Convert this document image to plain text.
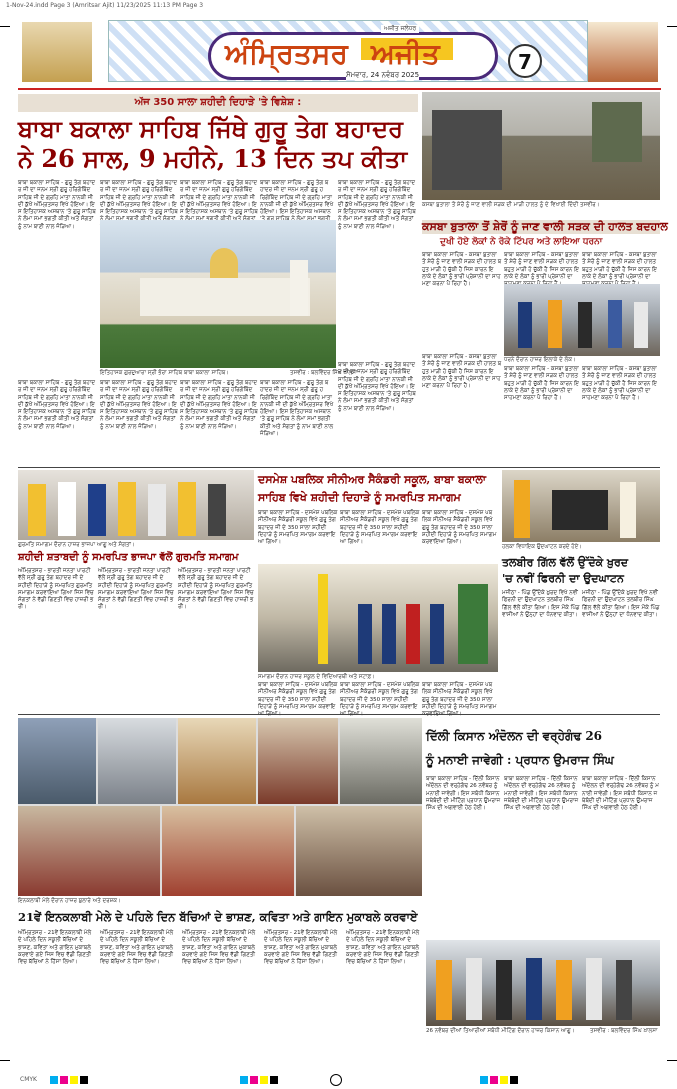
1-Nov-24.indd Page 3 (Amritsar Ajit) 11/23/2025 11:13 PM Page 3
ਅੰਮ੍ਰਿਤਸਰ ਅਜੀਤ
ਅਜੀਤ ਜਲੰਧਰ
ਸੋਮਵਾਰ, 24 ਨਵੰਬਰ 2025
7
ਅੱਜ 350 ਸਾਲਾ ਸ਼ਹੀਦੀ ਦਿਹਾੜੇ 'ਤੇ ਵਿਸ਼ੇਸ਼ :
ਬਾਬਾ ਬਕਾਲਾ ਸਾਹਿਬ ਜਿੱਥੇ ਗੁਰੂ ਤੇਗ ਬਹਾਦਰ
ਨੇ 26 ਸਾਲ, 9 ਮਹੀਨੇ, 13 ਦਿਨ ਤਪ ਕੀਤਾ
ਬਾਬਾ ਬਕਾਲਾ ਸਾਹਿਬ - ਗੁਰੂ ਤੇਗ ਬਹਾਦਰ ਜੀ ਦਾ ਜਨਮ ਸ੍ਰੀ ਗੁਰੂ ਹਰਿਗੋਬਿੰਦ ਸਾਹਿਬ ਜੀ ਦੇ ਗ੍ਰਹਿ ਮਾਤਾ ਨਾਨਕੀ ਜੀ ਦੀ ਕੁੱਖੋਂ ਅੰਮ੍ਰਿਤਸਰ ਵਿਖੇ ਹੋਇਆ। ਇਸ ਇਤਿਹਾਸਕ ਅਸਥਾਨ 'ਤੇ ਗੁਰੂ ਸਾਹਿਬ ਨੇ ਲੰਮਾ ਸਮਾਂ ਭਗਤੀ ਕੀਤੀ ਅਤੇ ਸੰਗਤਾਂ ਨੂੰ ਨਾਮ ਬਾਣੀ ਨਾਲ ਜੋੜਿਆ।
ਬਾਬਾ ਬਕਾਲਾ ਸਾਹਿਬ - ਗੁਰੂ ਤੇਗ ਬਹਾਦਰ ਜੀ ਦਾ ਜਨਮ ਸ੍ਰੀ ਗੁਰੂ ਹਰਿਗੋਬਿੰਦ ਸਾਹਿਬ ਜੀ ਦੇ ਗ੍ਰਹਿ ਮਾਤਾ ਨਾਨਕੀ ਜੀ ਦੀ ਕੁੱਖੋਂ ਅੰਮ੍ਰਿਤਸਰ ਵਿਖੇ ਹੋਇਆ। ਇਸ ਇਤਿਹਾਸਕ ਅਸਥਾਨ 'ਤੇ ਗੁਰੂ ਸਾਹਿਬ
ਬਾਬਾ ਬਕਾਲਾ ਸਾਹਿਬ - ਗੁਰੂ ਤੇਗ ਬਹਾਦਰ ਜੀ ਦਾ ਜਨਮ ਸ੍ਰੀ ਗੁਰੂ ਹਰਿਗੋਬਿੰਦ ਸਾਹਿਬ ਜੀ ਦੇ ਗ੍ਰਹਿ ਮਾਤਾ ਨਾਨਕੀ ਜੀ ਦੀ ਕੁੱਖੋਂ ਅੰਮ੍ਰਿਤਸਰ ਵਿਖੇ ਹੋਇਆ। ਇਸ ਇਤਿਹਾਸਕ ਅਸਥਾਨ 'ਤੇ ਗੁਰੂ ਸਾਹਿਬ
ਬਾਬਾ ਬਕਾਲਾ ਸਾਹਿਬ - ਗੁਰੂ ਤੇਗ ਬਹਾਦਰ ਜੀ ਦਾ ਜਨਮ ਸ੍ਰੀ ਗੁਰੂ ਹਰਿਗੋਬਿੰਦ ਸਾਹਿਬ ਜੀ ਦੇ ਗ੍ਰਹਿ ਮਾਤਾ ਨਾਨਕੀ ਜੀ ਦੀ ਕੁੱਖੋਂ ਅੰਮ੍ਰਿਤਸਰ ਵਿਖੇ ਹੋਇਆ। ਇਸ ਇਤਿਹਾਸਕ ਅਸਥਾਨ
ਬਾਬਾ ਬਕਾਲਾ ਸਾਹਿਬ - ਗੁਰੂ ਤੇਗ ਬਹਾਦਰ ਜੀ ਦਾ ਜਨਮ ਸ੍ਰੀ ਗੁਰੂ ਹਰਿਗੋਬਿੰਦ ਸਾਹਿਬ ਜੀ ਦੇ ਗ੍ਰਹਿ ਮਾਤਾ ਨਾਨਕੀ ਜੀ ਦੀ ਕੁੱਖੋਂ ਅੰਮ੍ਰਿਤਸਰ ਵਿਖੇ ਹੋਇਆ। ਇਸ ਇਤਿਹਾਸਕ ਅਸਥਾਨ 'ਤੇ ਗੁਰੂ ਸਾਹਿਬ ਨੇ ਲੰਮਾ ਸਮਾਂ ਭਗਤੀ ਕੀਤੀ ਅਤੇ ਸੰਗਤਾਂ ਨੂੰ ਨਾਮ ਬਾਣੀ ਨਾਲ ਜੋੜਿਆ।
ਇਤਿਹਾਸਕ ਗੁਰਦੁਆਰਾ ਸ੍ਰੀ ਭੋਰਾ ਸਾਹਿਬ ਬਾਬਾ ਬਕਾਲਾ ਸਾਹਿਬ।	ਤਸਵੀਰ : ਬਲਵਿੰਦਰ ਸਿੰਘ ਖ਼ਾਲਸਾ
ਬਾਬਾ ਬਕਾਲਾ ਸਾਹਿਬ - ਗੁਰੂ ਤੇਗ ਬਹਾਦਰ ਜੀ ਦਾ ਜਨਮ ਸ੍ਰੀ ਗੁਰੂ ਹਰਿਗੋਬਿੰਦ ਸਾਹਿਬ ਜੀ ਦੇ ਗ੍ਰਹਿ ਮਾਤਾ ਨਾਨਕੀ ਜੀ ਦੀ ਕੁੱਖੋਂ ਅੰਮ੍ਰਿਤਸਰ ਵਿਖੇ ਹੋਇਆ। ਇਸ ਇਤਿਹਾਸਕ ਅਸਥਾਨ 'ਤੇ ਗੁਰੂ ਸਾਹਿਬ ਨੇ ਲੰਮਾ ਸਮਾਂ ਭਗਤੀ ਕੀਤੀ ਅਤੇ ਸੰਗਤਾਂ ਨੂੰ ਨਾਮ ਬਾਣੀ ਨਾਲ ਜੋੜਿਆ।
ਬਾਬਾ ਬਕਾਲਾ ਸਾਹਿਬ - ਗੁਰੂ ਤੇਗ ਬਹਾਦਰ ਜੀ ਦਾ ਜਨਮ ਸ੍ਰੀ ਗੁਰੂ ਹਰਿਗੋਬਿੰਦ ਸਾਹਿਬ ਜੀ ਦੇ ਗ੍ਰਹਿ ਮਾਤਾ ਨਾਨਕੀ ਜੀ ਦੀ ਕੁੱਖੋਂ ਅੰਮ੍ਰਿਤਸਰ ਵਿਖੇ ਹੋਇਆ। ਇਸ ਇਤਿਹਾਸਕ ਅਸਥਾਨ 'ਤੇ ਗੁਰੂ ਸਾਹਿਬ ਨੇ ਲੰਮਾ ਸਮਾਂ ਭਗਤੀ ਕੀਤੀ ਅਤੇ ਸੰਗਤਾਂ ਨੂੰ ਨਾਮ ਬਾਣੀ ਨਾਲ ਜੋੜਿਆ।
ਬਾਬਾ ਬਕਾਲਾ ਸਾਹਿਬ - ਗੁਰੂ ਤੇਗ ਬਹਾਦਰ ਜੀ ਦਾ ਜਨਮ ਸ੍ਰੀ ਗੁਰੂ ਹਰਿਗੋਬਿੰਦ ਸਾਹਿਬ ਜੀ ਦੇ ਗ੍ਰਹਿ ਮਾਤਾ ਨਾਨਕੀ ਜੀ ਦੀ ਕੁੱਖੋਂ ਅੰਮ੍ਰਿਤਸਰ ਵਿਖੇ ਹੋਇਆ। ਇਸ ਇਤਿਹਾਸਕ ਅਸਥਾਨ 'ਤੇ ਗੁਰੂ ਸਾਹਿਬ ਨੇ ਲੰਮਾ ਸਮਾਂ ਭਗਤੀ ਕੀਤੀ ਅਤੇ ਸੰਗਤਾਂ ਨੂੰ ਨਾਮ ਬਾਣੀ ਨਾਲ ਜੋੜਿਆ।
ਬਾਬਾ ਬਕਾਲਾ ਸਾਹਿਬ - ਗੁਰੂ ਤੇਗ ਬਹਾਦਰ ਜੀ ਦਾ ਜਨਮ ਸ੍ਰੀ ਗੁਰੂ ਹਰਿਗੋਬਿੰਦ ਸਾਹਿਬ ਜੀ ਦੇ ਗ੍ਰਹਿ ਮਾਤਾ ਨਾਨਕੀ ਜੀ ਦੀ ਕੁੱਖੋਂ ਅੰਮ੍ਰਿਤਸਰ ਵਿਖੇ ਹੋਇਆ। ਇਸ ਇਤਿਹਾਸਕ ਅਸਥਾਨ 'ਤੇ ਗੁਰੂ ਸਾਹਿਬ ਨੇ ਲੰਮਾ ਸਮਾਂ ਭਗਤੀ ਕੀਤੀ ਅਤੇ ਸੰਗਤਾਂ ਨੂੰ ਨਾਮ ਬਾਣੀ ਨਾਲ ਜੋੜਿਆ।
ਬਾਬਾ ਬਕਾਲਾ ਸਾਹਿਬ - ਗੁਰੂ ਤੇਗ ਬਹਾਦਰ ਜੀ ਦਾ ਜਨਮ ਸ੍ਰੀ ਗੁਰੂ ਹਰਿਗੋਬਿੰਦ ਸਾਹਿਬ ਜੀ ਦੇ ਗ੍ਰਹਿ ਮਾਤਾ ਨਾਨਕੀ ਜੀ ਦੀ ਕੁੱਖੋਂ ਅੰਮ੍ਰਿਤਸਰ ਵਿਖੇ ਹੋਇਆ। ਇਸ ਇਤਿਹਾਸਕ ਅਸਥਾਨ 'ਤੇ ਗੁਰੂ ਸਾਹਿਬ ਨੇ ਲੰਮਾ ਸਮਾਂ ਭਗਤੀ ਕੀਤੀ ਅਤੇ ਸੰਗਤਾਂ ਨੂੰ ਨਾਮ ਬਾਣੀ ਨਾਲ ਜੋੜਿਆ।
ਕਸਬਾ ਬੁਤਾਲਾ ਤੋਂ ਸ਼ੇਰੋਂ ਨੂੰ ਜਾਣ ਵਾਲੀ ਸੜਕ ਦੀ ਮਾੜੀ ਹਾਲਤ ਨੂੰ ਦੇ ਵਿਖਾਈ ਦਿੰਦੀ ਤਸਵੀਰ।
ਕਸਬਾ ਬੁਤਾਲਾ ਤੋਂ ਸ਼ੇਰੋਂ ਨੂੰ ਜਾਣ ਵਾਲੀ ਸੜਕ ਦੀ ਹਾਲਤ ਬਦਹਾਲ
ਦੁਖੀ ਹੋਏ ਲੋਕਾਂ ਨੇ ਰੋਕੇ ਟਿੱਪਰ ਅਤੇ ਲਾਇਆ ਧਰਨਾ
ਬਾਬਾ ਬਕਾਲਾ ਸਾਹਿਬ - ਕਸਬਾ ਬੁਤਾਲਾ ਤੋਂ ਸ਼ੇਰੋਂ ਨੂੰ ਜਾਣ ਵਾਲੀ ਸੜਕ ਦੀ ਹਾਲਤ ਬਹੁਤ ਮਾੜੀ ਹੋ ਚੁੱਕੀ ਹੈ ਜਿਸ ਕਾਰਨ ਇਲਾਕੇ ਦੇ ਲੋਕਾਂ ਨੂੰ ਭਾਰੀ ਪ੍ਰੇਸ਼ਾਨੀ ਦਾ ਸਾਹਮਣਾ ਕਰਨਾ ਪੈ ਰਿਹਾ ਹੈ।
ਬਾਬਾ ਬਕਾਲਾ ਸਾਹਿਬ - ਕਸਬਾ ਬੁਤਾਲਾ ਤੋਂ ਸ਼ੇਰੋਂ ਨੂੰ ਜਾਣ ਵਾਲੀ ਸੜਕ ਦੀ ਹਾਲਤ ਬਹੁਤ ਮਾੜੀ ਹੋ ਚੁੱਕੀ ਹੈ ਜਿਸ ਕਾਰਨ ਇਲਾਕੇ ਦੇ ਲੋਕਾਂ ਨੂੰ ਭਾਰੀ ਪ੍ਰੇਸ਼ਾਨੀ ਦਾ
ਬਾਬਾ ਬਕਾਲਾ ਸਾਹਿਬ - ਕਸਬਾ ਬੁਤਾਲਾ ਤੋਂ ਸ਼ੇਰੋਂ ਨੂੰ ਜਾਣ ਵਾਲੀ ਸੜਕ ਦੀ ਹਾਲਤ ਬਹੁਤ ਮਾੜੀ ਹੋ ਚੁੱਕੀ ਹੈ ਜਿਸ ਕਾਰਨ ਇਲਾਕੇ ਦੇ ਲੋਕਾਂ ਨੂੰ ਭਾਰੀ ਪ੍ਰੇਸ਼ਾਨੀ ਦਾ
ਧਰਨੇ ਦੌਰਾਨ ਹਾਜ਼ਰ ਇਲਾਕੇ ਦੇ ਲੋਕ।
ਬਾਬਾ ਬਕਾਲਾ ਸਾਹਿਬ - ਕਸਬਾ ਬੁਤਾਲਾ ਤੋਂ ਸ਼ੇਰੋਂ ਨੂੰ ਜਾਣ ਵਾਲੀ ਸੜਕ ਦੀ ਹਾਲਤ ਬਹੁਤ ਮਾੜੀ ਹੋ ਚੁੱਕੀ ਹੈ ਜਿਸ ਕਾਰਨ ਇਲਾਕੇ ਦੇ ਲੋਕਾਂ ਨੂੰ ਭਾਰੀ ਪ੍ਰੇਸ਼ਾਨੀ ਦਾ ਸਾਹਮਣਾ ਕਰਨਾ ਪੈ ਰਿਹਾ ਹੈ।
ਬਾਬਾ ਬਕਾਲਾ ਸਾਹਿਬ - ਕਸਬਾ ਬੁਤਾਲਾ ਤੋਂ ਸ਼ੇਰੋਂ ਨੂੰ ਜਾਣ ਵਾਲੀ ਸੜਕ ਦੀ ਹਾਲਤ ਬਹੁਤ ਮਾੜੀ ਹੋ ਚੁੱਕੀ ਹੈ ਜਿਸ ਕਾਰਨ ਇਲਾਕੇ ਦੇ ਲੋਕਾਂ ਨੂੰ ਭਾਰੀ ਪ੍ਰੇਸ਼ਾਨੀ ਦਾ ਸਾਹਮਣਾ ਕਰਨਾ ਪੈ ਰਿਹਾ ਹੈ।
ਬਾਬਾ ਬਕਾਲਾ ਸਾਹਿਬ - ਕਸਬਾ ਬੁਤਾਲਾ ਤੋਂ ਸ਼ੇਰੋਂ ਨੂੰ ਜਾਣ ਵਾਲੀ ਸੜਕ ਦੀ ਹਾਲਤ ਬਹੁਤ ਮਾੜੀ ਹੋ ਚੁੱਕੀ ਹੈ ਜਿਸ ਕਾਰਨ ਇਲਾਕੇ ਦੇ ਲੋਕਾਂ ਨੂੰ ਭਾਰੀ ਪ੍ਰੇਸ਼ਾਨੀ ਦਾ ਸਾਹਮਣਾ ਕਰਨਾ ਪੈ ਰਿਹਾ ਹੈ।
ਦਸਮੇਸ਼ ਪਬਲਿਕ ਸੀਨੀਅਰ ਸੈਕੰਡਰੀ ਸਕੂਲ, ਬਾਬਾ ਬਕਾਲਾ
ਸਾਹਿਬ ਵਿਖੇ ਸ਼ਹੀਦੀ ਦਿਹਾੜੇ ਨੂੰ ਸਮਰਪਿਤ ਸਮਾਗਮ
ਗੁਰਮਤਿ ਸਮਾਗਮ ਦੌਰਾਨ ਹਾਜ਼ਰ ਭਾਜਪਾ ਆਗੂ ਅਤੇ ਸੰਗਤਾਂ।	ਹਲਕਾ ਵਿਧਾਇਕ ਉਦਘਾਟਨ ਕਰਦੇ ਹੋਏ।
ਬਾਬਾ ਬਕਾਲਾ ਸਾਹਿਬ - ਦਸਮੇਸ਼ ਪਬਲਿਕ ਸੀਨੀਅਰ ਸੈਕੰਡਰੀ ਸਕੂਲ ਵਿਖੇ ਗੁਰੂ ਤੇਗ ਬਹਾਦਰ ਜੀ ਦੇ 350 ਸਾਲਾ ਸ਼ਹੀਦੀ ਦਿਹਾੜੇ ਨੂੰ ਸਮਰਪਿਤ ਸਮਾਗਮ ਕਰਵਾਇਆ ਗਿਆ।
ਬਾਬਾ ਬਕਾਲਾ ਸਾਹਿਬ - ਦਸਮੇਸ਼ ਪਬਲਿਕ ਸੀਨੀਅਰ ਸੈਕੰਡਰੀ ਸਕੂਲ ਵਿਖੇ ਗੁਰੂ ਤੇਗ ਬਹਾਦਰ ਜੀ ਦੇ 350 ਸਾਲਾ ਸ਼ਹੀਦੀ ਦਿਹਾੜੇ ਨੂੰ ਸਮਰਪਿਤ ਸਮਾਗਮ ਕਰਵਾਇਆ ਗਿਆ।
ਬਾਬਾ ਬਕਾਲਾ ਸਾਹਿਬ - ਦਸਮੇਸ਼ ਪਬਲਿਕ ਸੀਨੀਅਰ ਸੈਕੰਡਰੀ ਸਕੂਲ ਵਿਖੇ ਗੁਰੂ ਤੇਗ ਬਹਾਦਰ ਜੀ ਦੇ 350 ਸਾਲਾ ਸ਼ਹੀਦੀ ਦਿਹਾੜੇ ਨੂੰ ਸਮਰਪਿਤ ਸਮਾਗਮ ਕਰਵਾਇਆ ਗਿਆ।
ਸ਼ਹੀਦੀ ਸ਼ਤਾਬਦੀ ਨੂੰ ਸਮਰਪਿਤ ਭਾਜਪਾ ਵੱਲੋਂ ਗੁਰਮਤਿ ਸਮਾਗਮ
ਅੰਮ੍ਰਿਤਸਰ - ਭਾਰਤੀ ਜਨਤਾ ਪਾਰਟੀ ਵੱਲੋਂ ਸ੍ਰੀ ਗੁਰੂ ਤੇਗ ਬਹਾਦਰ ਜੀ ਦੇ ਸ਼ਹੀਦੀ ਦਿਹਾੜੇ ਨੂੰ ਸਮਰਪਿਤ ਗੁਰਮਤਿ ਸਮਾਗਮ ਕਰਵਾਇਆ ਗਿਆ ਜਿਸ ਵਿਚ ਸੰਗਤਾਂ ਨੇ ਵੱਡੀ ਗਿਣਤੀ ਵਿਚ ਹਾਜ਼ਰੀ ਭਰੀ।
ਅੰਮ੍ਰਿਤਸਰ - ਭਾਰਤੀ ਜਨਤਾ ਪਾਰਟੀ ਵੱਲੋਂ ਸ੍ਰੀ ਗੁਰੂ ਤੇਗ ਬਹਾਦਰ ਜੀ ਦੇ ਸ਼ਹੀਦੀ ਦਿਹਾੜੇ ਨੂੰ ਸਮਰਪਿਤ ਗੁਰਮਤਿ ਸਮਾਗਮ ਕਰਵਾਇਆ ਗਿਆ ਜਿਸ ਵਿਚ ਸੰਗਤਾਂ ਨੇ ਵੱਡੀ ਗਿਣਤੀ ਵਿਚ ਹਾਜ਼ਰੀ ਭਰੀ।
ਅੰਮ੍ਰਿਤਸਰ - ਭਾਰਤੀ ਜਨਤਾ ਪਾਰਟੀ ਵੱਲੋਂ ਸ੍ਰੀ ਗੁਰੂ ਤੇਗ ਬਹਾਦਰ ਜੀ ਦੇ ਸ਼ਹੀਦੀ ਦਿਹਾੜੇ ਨੂੰ ਸਮਰਪਿਤ ਗੁਰਮਤਿ ਸਮਾਗਮ ਕਰਵਾਇਆ ਗਿਆ ਜਿਸ ਵਿਚ ਸੰਗਤਾਂ ਨੇ ਵੱਡੀ ਗਿਣਤੀ ਵਿਚ ਹਾਜ਼ਰੀ ਭਰੀ।
ਸਮਾਗਮ ਦੌਰਾਨ ਹਾਜ਼ਰ ਸਕੂਲ ਦੇ ਵਿਦਿਆਰਥੀ ਅਤੇ ਸਟਾਫ਼।
ਤਲਬੀਰ ਗਿੱਲ ਵੱਲੋਂ ਉੱਦੋਕੇ ਖ਼ੁਰਦ
'ਚ ਨਵੀਂ ਫਿਰਨੀ ਦਾ ਉਦਘਾਟਨ
ਮਜੀਠਾ - ਪਿੰਡ ਉੱਦੋਕੇ ਖ਼ੁਰਦ ਵਿਖੇ ਨਵੀਂ ਫਿਰਨੀ ਦਾ ਉਦਘਾਟਨ ਤਲਬੀਰ ਸਿੰਘ ਗਿੱਲ ਵੱਲੋਂ ਕੀਤਾ ਗਿਆ। ਇਸ ਮੌਕੇ ਪਿੰਡ ਵਾਸੀਆਂ ਨੇ ਉਨ੍ਹਾਂ ਦਾ ਧੰਨਵਾਦ ਕੀਤਾ।
ਮਜੀਠਾ - ਪਿੰਡ ਉੱਦੋਕੇ ਖ਼ੁਰਦ ਵਿਖੇ ਨਵੀਂ ਫਿਰਨੀ ਦਾ ਉਦਘਾਟਨ ਤਲਬੀਰ ਸਿੰਘ ਗਿੱਲ ਵੱਲੋਂ ਕੀਤਾ ਗਿਆ। ਇਸ ਮੌਕੇ ਪਿੰਡ ਵਾਸੀਆਂ ਨੇ ਉਨ੍ਹਾਂ ਦਾ ਧੰਨਵਾਦ ਕੀਤਾ।
ਬਾਬਾ ਬਕਾਲਾ ਸਾਹਿਬ - ਦਸਮੇਸ਼ ਪਬਲਿਕ ਸੀਨੀਅਰ ਸੈਕੰਡਰੀ ਸਕੂਲ ਵਿਖੇ ਗੁਰੂ ਤੇਗ ਬਹਾਦਰ ਜੀ ਦੇ 350 ਸਾਲਾ ਸ਼ਹੀਦੀ ਦਿਹਾੜੇ ਨੂੰ ਸਮਰਪਿਤ ਸਮਾਗਮ ਕਰਵਾਇ
ਬਾਬਾ ਬਕਾਲਾ ਸਾਹਿਬ - ਦਸਮੇਸ਼ ਪਬਲਿਕ ਸੀਨੀਅਰ ਸੈਕੰਡਰੀ ਸਕੂਲ ਵਿਖੇ ਗੁਰੂ ਤੇਗ ਬਹਾਦਰ ਜੀ ਦੇ 350 ਸਾਲਾ ਸ਼ਹੀਦੀ ਦਿਹਾੜੇ ਨੂੰ ਸਮਰਪਿਤ ਸਮਾਗਮ ਕਰਵਾਇ
ਬਾਬਾ ਬਕਾਲਾ ਸਾਹਿਬ - ਦਸਮੇਸ਼ ਪਬਲਿਕ ਸੀਨੀਅਰ ਸੈਕੰਡਰੀ ਸਕੂਲ ਵਿਖੇ ਗੁਰੂ ਤੇਗ ਬਹਾਦਰ ਜੀ ਦੇ 350 ਸਾਲਾ ਸ਼ਹੀਦੀ ਦਿਹਾੜੇ ਨੂੰ ਸਮਰਪਿਤ ਸਮਾਗਮ
ਇਨਕਲਾਬੀ ਮੇਲੇ ਦੌਰਾਨ ਹਾਜ਼ਰ ਬੁਲਾਰੇ ਅਤੇ ਦਰਸ਼ਕ।
21ਵੇਂ ਇਨਕਲਾਬੀ ਮੇਲੇ ਦੇ ਪਹਿਲੇ ਦਿਨ ਬੱਚਿਆਂ ਦੇ ਭਾਸ਼ਣ, ਕਵਿਤਾ ਅਤੇ ਗਾਇਨ ਮੁਕਾਬਲੇ ਕਰਵਾਏ
ਅੰਮ੍ਰਿਤਸਰ - 21ਵੇਂ ਇਨਕਲਾਬੀ ਮੇਲੇ ਦੇ ਪਹਿਲੇ ਦਿਨ ਸਕੂਲੀ ਬੱਚਿਆਂ ਦੇ ਭਾਸ਼ਣ, ਕਵਿਤਾ ਅਤੇ ਗਾਇਨ ਮੁਕਾਬਲੇ ਕਰਵਾਏ ਗਏ ਜਿਸ ਵਿਚ ਵੱਡੀ ਗਿਣਤੀ ਵਿਚ ਬੱਚਿਆਂ ਨੇ ਹਿੱਸਾ ਲਿਆ।
ਅੰਮ੍ਰਿਤਸਰ - 21ਵੇਂ ਇਨਕਲਾਬੀ ਮੇਲੇ ਦੇ ਪਹਿਲੇ ਦਿਨ ਸਕੂਲੀ ਬੱਚਿਆਂ ਦੇ ਭਾਸ਼ਣ, ਕਵਿਤਾ ਅਤੇ ਗਾਇਨ ਮੁਕਾਬਲੇ ਕਰਵਾਏ ਗਏ ਜਿਸ ਵਿਚ ਵੱਡੀ ਗਿਣਤੀ ਵਿਚ ਬੱਚਿਆਂ ਨੇ ਹਿੱਸਾ ਲਿਆ।
ਅੰਮ੍ਰਿਤਸਰ - 21ਵੇਂ ਇਨਕਲਾਬੀ ਮੇਲੇ ਦੇ ਪਹਿਲੇ ਦਿਨ ਸਕੂਲੀ ਬੱਚਿਆਂ ਦੇ ਭਾਸ਼ਣ, ਕਵਿਤਾ ਅਤੇ ਗਾਇਨ ਮੁਕਾਬਲੇ ਕਰਵਾਏ ਗਏ ਜਿਸ ਵਿਚ ਵੱਡੀ ਗਿਣਤੀ ਵਿਚ ਬੱਚਿਆਂ ਨੇ ਹਿੱਸਾ ਲਿਆ।
ਅੰਮ੍ਰਿਤਸਰ - 21ਵੇਂ ਇਨਕਲਾਬੀ ਮੇਲੇ ਦੇ ਪਹਿਲੇ ਦਿਨ ਸਕੂਲੀ ਬੱਚਿਆਂ ਦੇ ਭਾਸ਼ਣ, ਕਵਿਤਾ ਅਤੇ ਗਾਇਨ ਮੁਕਾਬਲੇ ਕਰਵਾਏ ਗਏ ਜਿਸ ਵਿਚ ਵੱਡੀ ਗਿਣਤੀ ਵਿਚ ਬੱਚਿਆਂ ਨੇ ਹਿੱਸਾ ਲਿਆ।
ਅੰਮ੍ਰਿਤਸਰ - 21ਵੇਂ ਇਨਕਲਾਬੀ ਮੇਲੇ ਦੇ ਪਹਿਲੇ ਦਿਨ ਸਕੂਲੀ ਬੱਚਿਆਂ ਦੇ ਭਾਸ਼ਣ, ਕਵਿਤਾ ਅਤੇ ਗਾਇਨ ਮੁਕਾਬਲੇ ਕਰਵਾਏ ਗਏ ਜਿਸ ਵਿਚ ਵੱਡੀ ਗਿਣਤੀ ਵਿਚ ਬੱਚਿਆਂ ਨੇ ਹਿੱਸਾ ਲਿਆ।
ਦਿੱਲੀ ਕਿਸਾਨ ਅੰਦੋਲਨ ਦੀ ਵਰ੍ਹੇਗੰਢ 26
ਨੂੰ ਮਨਾਈ ਜਾਵੇਗੀ : ਪ੍ਰਧਾਨ ਉਮਰਾਜ ਸਿੰਘ
ਬਾਬਾ ਬਕਾਲਾ ਸਾਹਿਬ - ਦਿੱਲੀ ਕਿਸਾਨ ਅੰਦੋਲਨ ਦੀ ਵਰ੍ਹੇਗੰਢ 26 ਨਵੰਬਰ ਨੂੰ ਮਨਾਈ ਜਾਵੇਗੀ। ਇਸ ਸਬੰਧੀ ਕਿਸਾਨ ਜਥੇਬੰਦੀ ਦੀ ਮੀਟਿੰਗ ਪ੍ਰਧਾਨ ਉਮਰਾਜ ਸਿੰਘ ਦੀ ਅਗਵਾਈ ਹੇਠ ਹੋਈ।
ਬਾਬਾ ਬਕਾਲਾ ਸਾਹਿਬ - ਦਿੱਲੀ ਕਿਸਾਨ ਅੰਦੋਲਨ ਦੀ ਵਰ੍ਹੇਗੰਢ 26 ਨਵੰਬਰ ਨੂੰ ਮਨਾਈ ਜਾਵੇਗੀ। ਇਸ ਸਬੰਧੀ ਕਿਸਾਨ ਜਥੇਬੰਦੀ ਦੀ ਮੀਟਿੰਗ ਪ੍ਰਧਾਨ ਉਮਰਾਜ ਸਿੰਘ ਦੀ ਅਗਵਾਈ ਹੇਠ ਹੋਈ।
ਬਾਬਾ ਬਕਾਲਾ ਸਾਹਿਬ - ਦਿੱਲੀ ਕਿਸਾਨ ਅੰਦੋਲਨ ਦੀ ਵਰ੍ਹੇਗੰਢ 26 ਨਵੰਬਰ ਨੂੰ ਮਨਾਈ ਜਾਵੇਗੀ। ਇਸ ਸਬੰਧੀ ਕਿਸਾਨ ਜਥੇਬੰਦੀ ਦੀ ਮੀਟਿੰਗ ਪ੍ਰਧਾਨ ਉਮਰਾਜ ਸਿੰਘ ਦੀ ਅਗਵਾਈ ਹੇਠ ਹੋਈ।
26 ਨਵੰਬਰ ਦੀਆਂ ਤਿਆਰੀਆਂ ਸਬੰਧੀ ਮੀਟਿੰਗ ਦੌਰਾਨ ਹਾਜ਼ਰ ਕਿਸਾਨ ਆਗੂ।	ਤਸਵੀਰ : ਬਲਵਿੰਦਰ ਸਿੰਘ ਖ਼ਾਲਸਾ
CMYK
